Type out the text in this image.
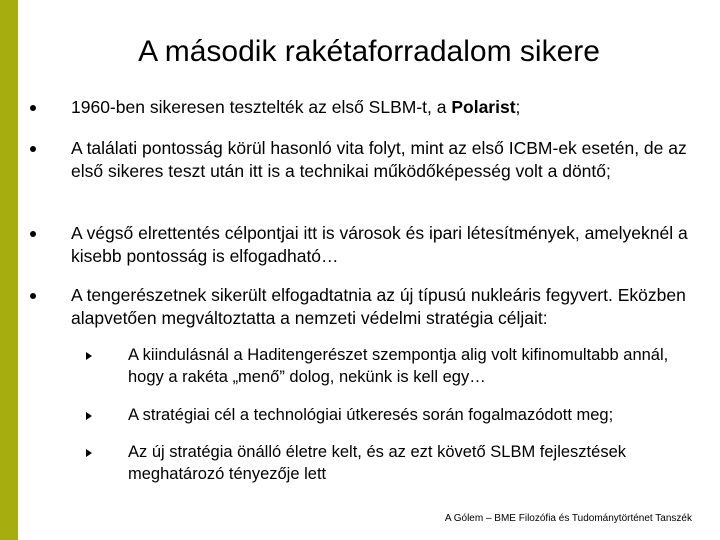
A második rakétaforradalom sikere
1960-ben sikeresen tesztelték az első SLBM-t, a Polarist;
A találati pontosság körül hasonló vita folyt, mint az első ICBM-ek esetén, de az első sikeres teszt után itt is a technikai működőképesség volt a döntő;
A végső elrettentés célpontjai itt is városok és ipari létesítmények, amelyeknél a kisebb pontosság is elfogadható…
A tengerészetnek sikerült elfogadtatnia az új típusú nukleáris fegyvert. Eközben alapvetően megváltoztatta a nemzeti védelmi stratégia céljait:
A kiindulásnál a Haditengerészet szempontja alig volt kifinomultabb annál, hogy a rakéta „menő” dolog, nekünk is kell egy…
A stratégiai cél a technológiai útkeresés során fogalmazódott meg;
Az új stratégia önálló életre kelt, és az ezt követő SLBM fejlesztések meghatározó tényezője lett
A Gólem – BME Filozófia és Tudománytörténet Tanszék
